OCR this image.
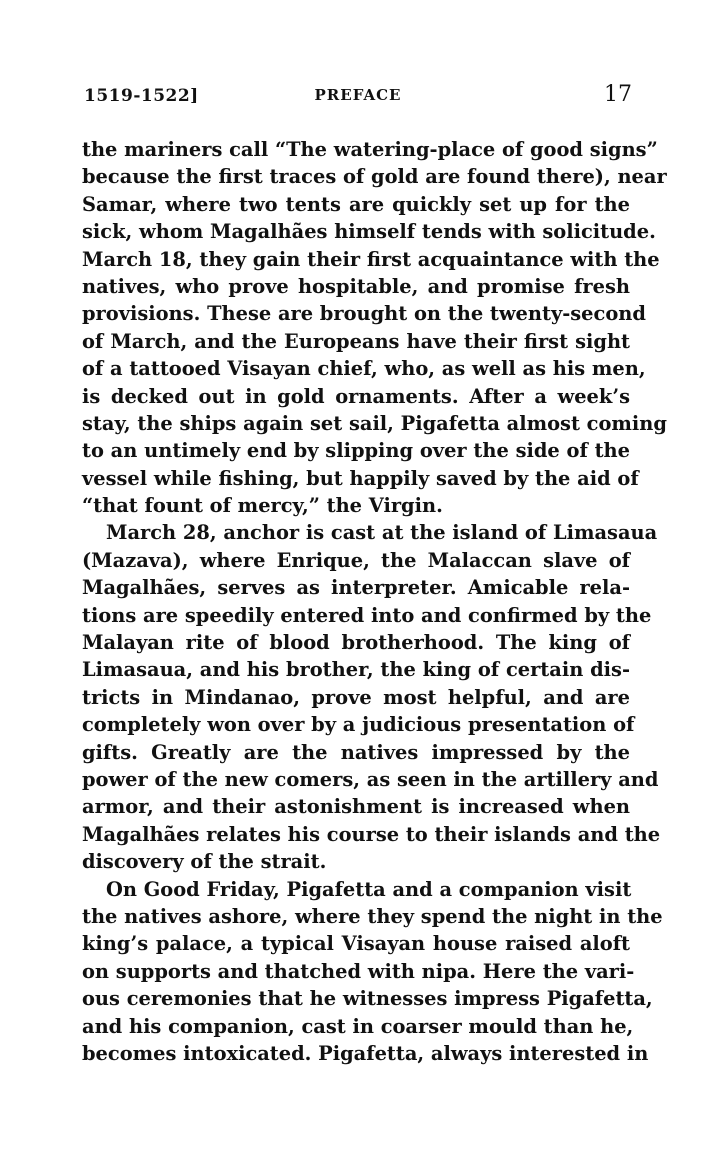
1519-1522]	PREFACE	17
the mariners call “The watering-place of good signs”
because the first traces of gold are found there), near
Samar, where two tents are quickly set up for the
sick, whom Magalhães himself tends with solicitude.
March 18, they gain their first acquaintance with the
natives, who prove hospitable, and promise fresh
provisions. These are brought on the twenty-second
of March, and the Europeans have their first sight
of a tattooed Visayan chief, who, as well as his men,
is decked out in gold ornaments. After a week’s
stay, the ships again set sail, Pigafetta almost coming
to an untimely end by slipping over the side of the
vessel while fishing, but happily saved by the aid of
“that fount of mercy,” the Virgin.
March 28, anchor is cast at the island of Limasaua
(Mazava), where Enrique, the Malaccan slave of
Magalhães, serves as interpreter. Amicable rela-
tions are speedily entered into and confirmed by the
Malayan rite of blood brotherhood. The king of
Limasaua, and his brother, the king of certain dis-
tricts in Mindanao, prove most helpful, and are
completely won over by a judicious presentation of
gifts. Greatly are the natives impressed by the
power of the new comers, as seen in the artillery and
armor, and their astonishment is increased when
Magalhães relates his course to their islands and the
discovery of the strait.
On Good Friday, Pigafetta and a companion visit
the natives ashore, where they spend the night in the
king’s palace, a typical Visayan house raised aloft
on supports and thatched with nipa. Here the vari-
ous ceremonies that he witnesses impress Pigafetta,
and his companion, cast in coarser mould than he,
becomes intoxicated. Pigafetta, always interested in
